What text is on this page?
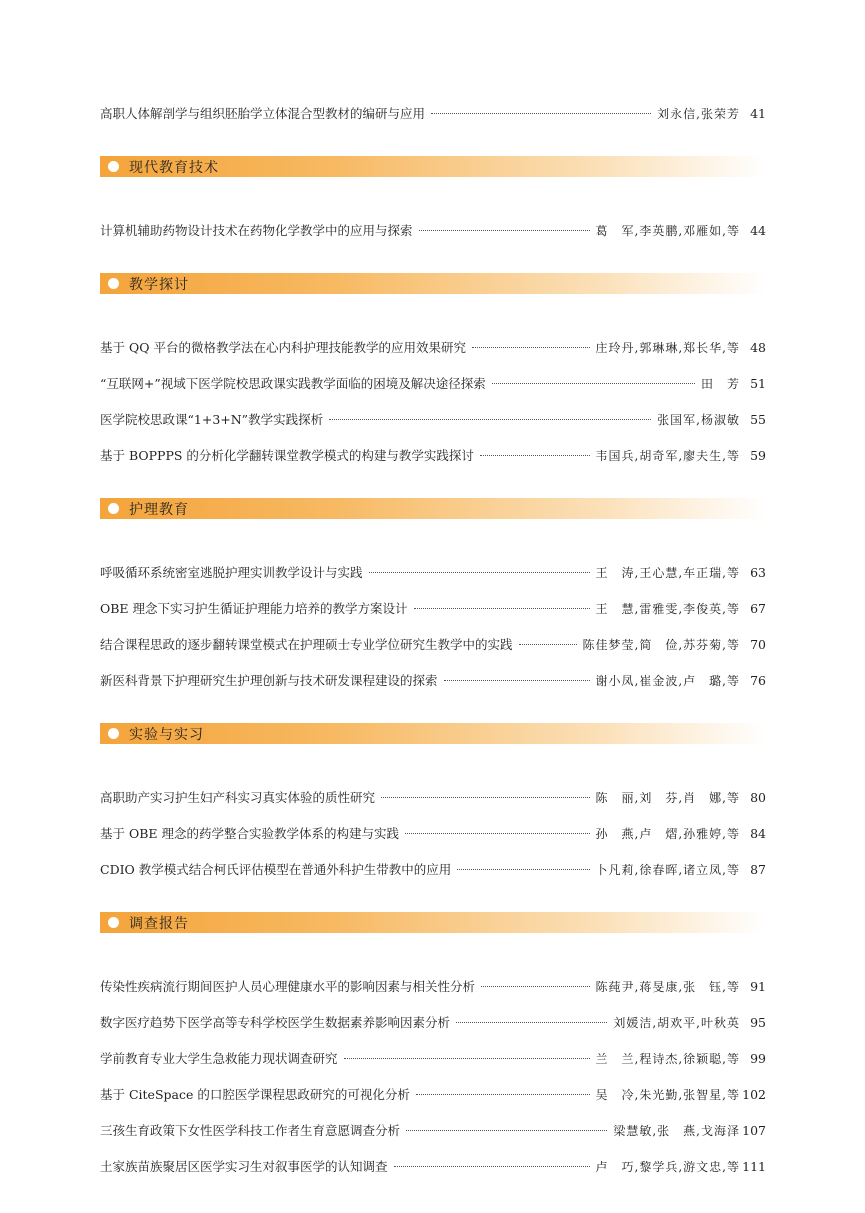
高职人体解剖学与组织胚胎学立体混合型教材的编研与应用	刘永信,张荣芳 41
现代教育技术
计算机辅助药物设计技术在药物化学教学中的应用与探索	葛　军,李英鹏,邓雁如,等 44
教学探讨
基于 QQ 平台的微格教学法在心内科护理技能教学的应用效果研究	庄玲丹,郭琳琳,郑长华,等 48
“互联网+”视域下医学院校思政课实践教学面临的困境及解决途径探索	田　芳 51
医学院校思政课“1+3+N”教学实践探析	张国军,杨淑敏 55
基于 BOPPPS 的分析化学翻转课堂教学模式的构建与教学实践探讨	韦国兵,胡奇军,廖夫生,等 59
护理教育
呼吸循环系统密室逃脱护理实训教学设计与实践	王　涛,王心慧,车正瑞,等 63
OBE 理念下实习护生循证护理能力培养的教学方案设计	王　慧,雷雅雯,李俊英,等 67
结合课程思政的逐步翻转课堂模式在护理硕士专业学位研究生教学中的实践	陈佳梦莹,简　俭,苏芬菊,等 70
新医科背景下护理研究生护理创新与技术研发课程建设的探索	谢小凤,崔金波,卢　璐,等 76
实验与实习
高职助产实习护生妇产科实习真实体验的质性研究	陈　丽,刘　芬,肖　娜,等 80
基于 OBE 理念的药学整合实验教学体系的构建与实践	孙　燕,卢　熠,孙雅婷,等 84
CDIO 教学模式结合柯氏评估模型在普通外科护生带教中的应用	卜凡莉,徐春晖,诸立凤,等 87
调查报告
传染性疾病流行期间医护人员心理健康水平的影响因素与相关性分析	陈莼尹,蒋旻康,张　钰,等 91
数字医疗趋势下医学高等专科学校医学生数据素养影响因素分析	刘媛洁,胡欢平,叶秋英 95
学前教育专业大学生急救能力现状调查研究	兰　兰,程诗杰,徐颖聪,等 99
基于 CiteSpace 的口腔医学课程思政研究的可视化分析	吴　冷,朱光勤,张智星,等 102
三孩生育政策下女性医学科技工作者生育意愿调查分析	梁慧敏,张　燕,戈海泽 107
土家族苗族聚居区医学实习生对叙事医学的认知调查	卢　巧,黎学兵,游文忠,等 111
